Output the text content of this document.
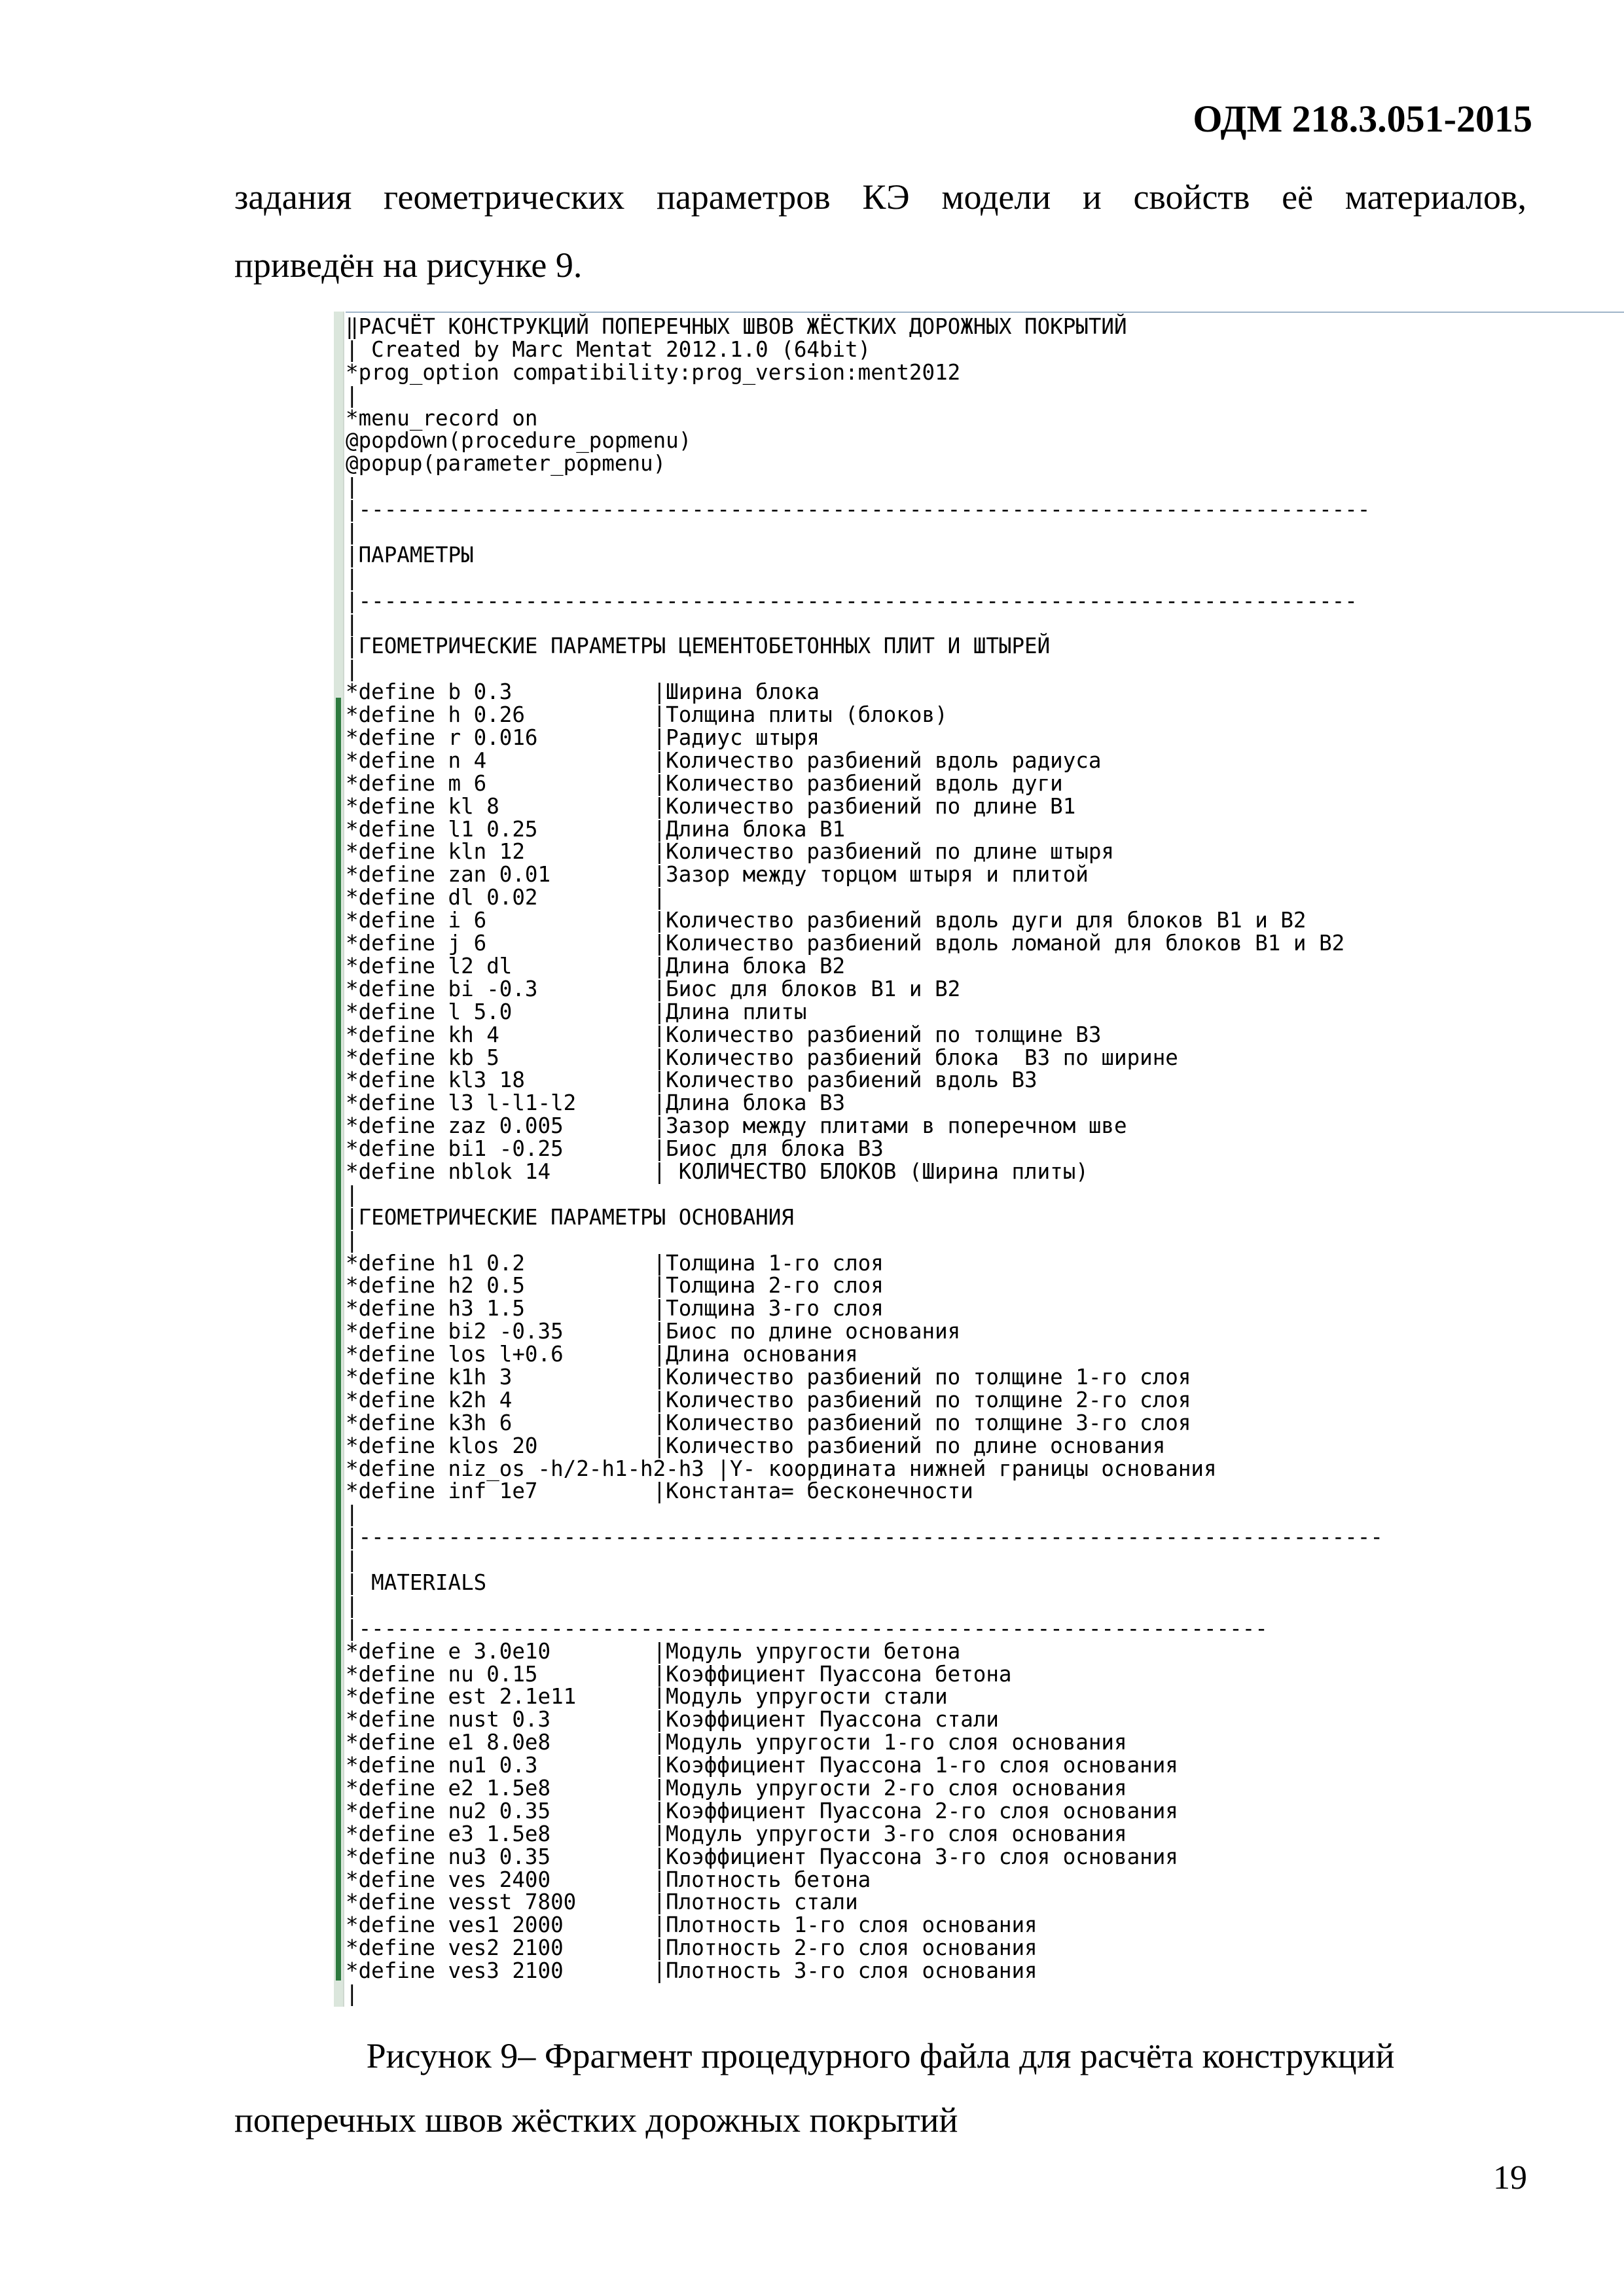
ОДМ 218.3.051-2015
задания геометрических параметров КЭ модели и свойств её материалов,
приведён на рисунке 9.
‖РАСЧЁТ КОНСТРУКЦИЙ ПОПЕРЕЧНЫХ ШВОВ ЖЁСТКИХ ДОРОЖНЫХ ПОКРЫТИЙ
| Created by Marc Mentat 2012.1.0 (64bit)
*prog_option compatibility:prog_version:ment2012
|
*menu_record on
@popdown(procedure_popmenu)
@popup(parameter_popmenu)
|
|-------------------------------------------------------------------------------
|
|ПАРАМЕТРЫ
|
|------------------------------------------------------------------------------
|
|ГЕОМЕТРИЧЕСКИЕ ПАРАМЕТРЫ ЦЕМЕНТОБЕТОННЫХ ПЛИТ И ШТЫРЕЙ
|
*define b 0.3           |Ширина блока
*define h 0.26          |Толщина плиты (блоков)
*define r 0.016         |Радиус штыря
*define n 4             |Количество разбиений вдоль радиуса
*define m 6             |Количество разбиений вдоль дуги
*define kl 8            |Количество разбиений по длине В1
*define l1 0.25         |Длина блока В1
*define kln 12          |Количество разбиений по длине штыря
*define zan 0.01        |Зазор между торцом штыря и плитой
*define dl 0.02         |
*define i 6             |Количество разбиений вдоль дуги для блоков В1 и В2
*define j 6             |Количество разбиений вдоль ломаной для блоков В1 и В2
*define l2 dl           |Длина блока В2
*define bi -0.3         |Биос для блоков В1 и В2
*define l 5.0           |Длина плиты
*define kh 4            |Количество разбиений по толщине В3
*define kb 5            |Количество разбиений блока  В3 по ширине
*define kl3 18          |Количество разбиений вдоль В3
*define l3 l-l1-l2      |Длина блока В3
*define zaz 0.005       |Зазор между плитами в поперечном шве
*define bi1 -0.25       |Биос для блока В3
*define nblok 14        | КОЛИЧЕСТВО БЛОКОВ (Ширина плиты)
|
|ГЕОМЕТРИЧЕСКИЕ ПАРАМЕТРЫ ОСНОВАНИЯ
|
*define h1 0.2          |Толщина 1-го слоя
*define h2 0.5          |Толщина 2-го слоя
*define h3 1.5          |Толщина 3-го слоя
*define bi2 -0.35       |Биос по длине основания
*define los l+0.6       |Длина основания
*define k1h 3           |Количество разбиений по толщине 1-го слоя
*define k2h 4           |Количество разбиений по толщине 2-го слоя
*define k3h 6           |Количество разбиений по толщине 3-го слоя
*define klos 20         |Количество разбиений по длине основания
*define niz_os -h/2-h1-h2-h3 |Y- координата нижней границы основания
*define inf 1e7         |Константа= бесконечности
|
|--------------------------------------------------------------------------------
|
| MATERIALS
|
|-----------------------------------------------------------------------
*define e 3.0e10        |Модуль упругости бетона
*define nu 0.15         |Коэффициент Пуассона бетона
*define est 2.1e11      |Модуль упругости стали
*define nust 0.3        |Коэффициент Пуассона стали
*define e1 8.0e8        |Модуль упругости 1-го слоя основания
*define nu1 0.3         |Коэффициент Пуассона 1-го слоя основания
*define e2 1.5e8        |Модуль упругости 2-го слоя основания
*define nu2 0.35        |Коэффициент Пуассона 2-го слоя основания
*define e3 1.5e8        |Модуль упругости 3-го слоя основания
*define nu3 0.35        |Коэффициент Пуассона 3-го слоя основания
*define ves 2400        |Плотность бетона
*define vesst 7800      |Плотность стали
*define ves1 2000       |Плотность 1-го слоя основания
*define ves2 2100       |Плотность 2-го слоя основания
*define ves3 2100       |Плотность 3-го слоя основания
|
Рисунок 9– Фрагмент процедурного файла для расчёта конструкций
поперечных швов жёстких дорожных покрытий
19
